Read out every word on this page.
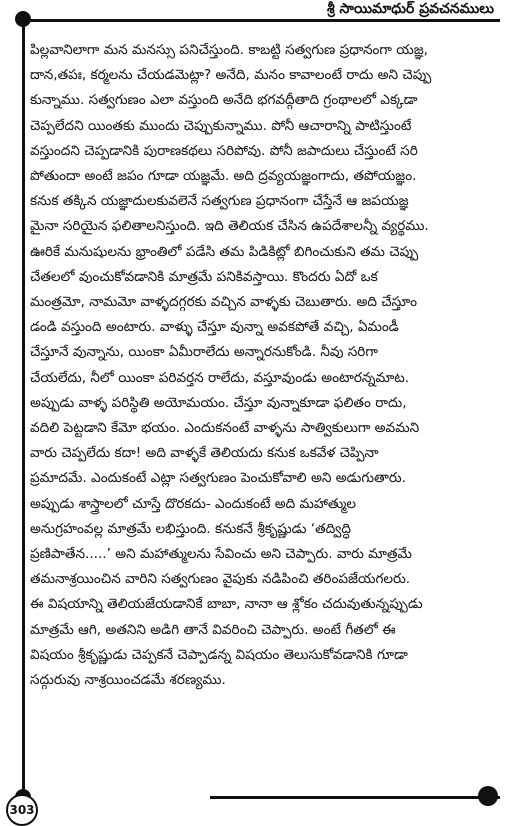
శ్రీ సాయిమాధుర్ ప్రవచనములు
పిల్లవానిలాగా మన మనస్సు పనిచేస్తుంది. కాబట్టి సత్వగుణ ప్రధానంగా యజ్ఞ,
దాన,తపః, కర్మలను చేయడమెట్లా? అనేది, మనం కావాలంటే రాదు అని చెప్పు
కున్నాము. సత్వగుణం ఎలా వస్తుంది అనేది భగవద్గీతాది గ్రంథాలలో ఎక్కడా
చెప్పలేదని యింతకు ముందు చెప్పుకున్నాము. పోనీ ఆచారాన్ని పాటిస్తుంటే
వస్తుందని చెప్పడానికి పురాణకథలు సరిపోవు. పోనీ జపాదులు చేస్తుంటే సరి
పోతుందా అంటే జపం గూడా యజ్ఞమే. అది ద్రవ్యయజ్ఞంగాదు, తపోయజ్ఞం.
కనుక తక్కిన యజ్ఞాదులకువలెనే సత్వగుణ ప్రధానంగా చేస్తేనే ఆ జపయజ్ఞ
మైనా సరియైన ఫలితాలనిస్తుంది. ఇది తెలియక చేసిన ఉపదేశాలన్నీ వ్యర్థము.
ఊరికే మనుషులను భ్రాంతిలో పడేసి తమ పిడికిట్లో బిగించుకుని తమ చెప్పు
చేతలలో వుంచుకోవడానికి మాత్రమే పనికివస్తాయి. కొందరు ఏదో ఒక
మంత్రమో, నామమో వాళ్ళదగ్గరకు వచ్చిన వాళ్ళకు చెబుతారు. అది చేస్తూం
డండి వస్తుంది అంటారు. వాళ్ళు చేస్తూ వున్నా అవకపోతే వచ్చి, ఏమండీ
చేస్తూనే వున్నాను, యింకా ఏమీరాలేదు అన్నారనుకోండి. నీవు సరిగా
చేయలేదు, నీలో యింకా పరివర్తన రాలేదు, వస్తూవుండు అంటారన్నమాట.
అప్పుడు వాళ్ళ పరిస్థితి అయోమయం. చేస్తూ వున్నాకూడా ఫలితం రాదు,
వదిలి పెట్టడాని కేమో భయం. ఎందుకనంటే వాళ్ళను సాత్వికులుగా అవమని
వారు చెప్పలేదు కదా! అది వాళ్ళకే తెలియదు కనుక ఒకవేళ చెప్పినా
ప్రమాదమే. ఎందుకంటే ఎట్లా సత్వగుణం పెంచుకోవాలి అని అడుగుతారు.
అప్పుడు శాస్త్రాలలో చూస్తే దొరకదు- ఎందుకంటే అది మహాత్ముల
అనుగ్రహంవల్ల మాత్రమే లభిస్తుంది. కనుకనే శ్రీకృష్ణుడు ‘తద్విద్ధి
ప్రణిపాతేన.....’ అని మహాత్ములను సేవించు అని చెప్పారు. వారు మాత్రమే
తమనాశ్రయించిన వారిని సత్వగుణం వైపుకు నడిపించి తరింపజేయగలరు.
ఈ విషయాన్ని తెలియజేయడానికే బాబా, నానా ఆ శ్లోకం చదువుతున్నప్పుడు
మాత్రమే ఆగి, అతనిని అడిగి తానే వివరించి చెప్పారు. అంటే గీతలో ఈ
విషయం శ్రీకృష్ణుడు చెప్పకనే చెప్పాడన్న విషయం తెలుసుకోవడానికి గూడా
సద్గురువు నాశ్రయించడమే శరణ్యము.
303
